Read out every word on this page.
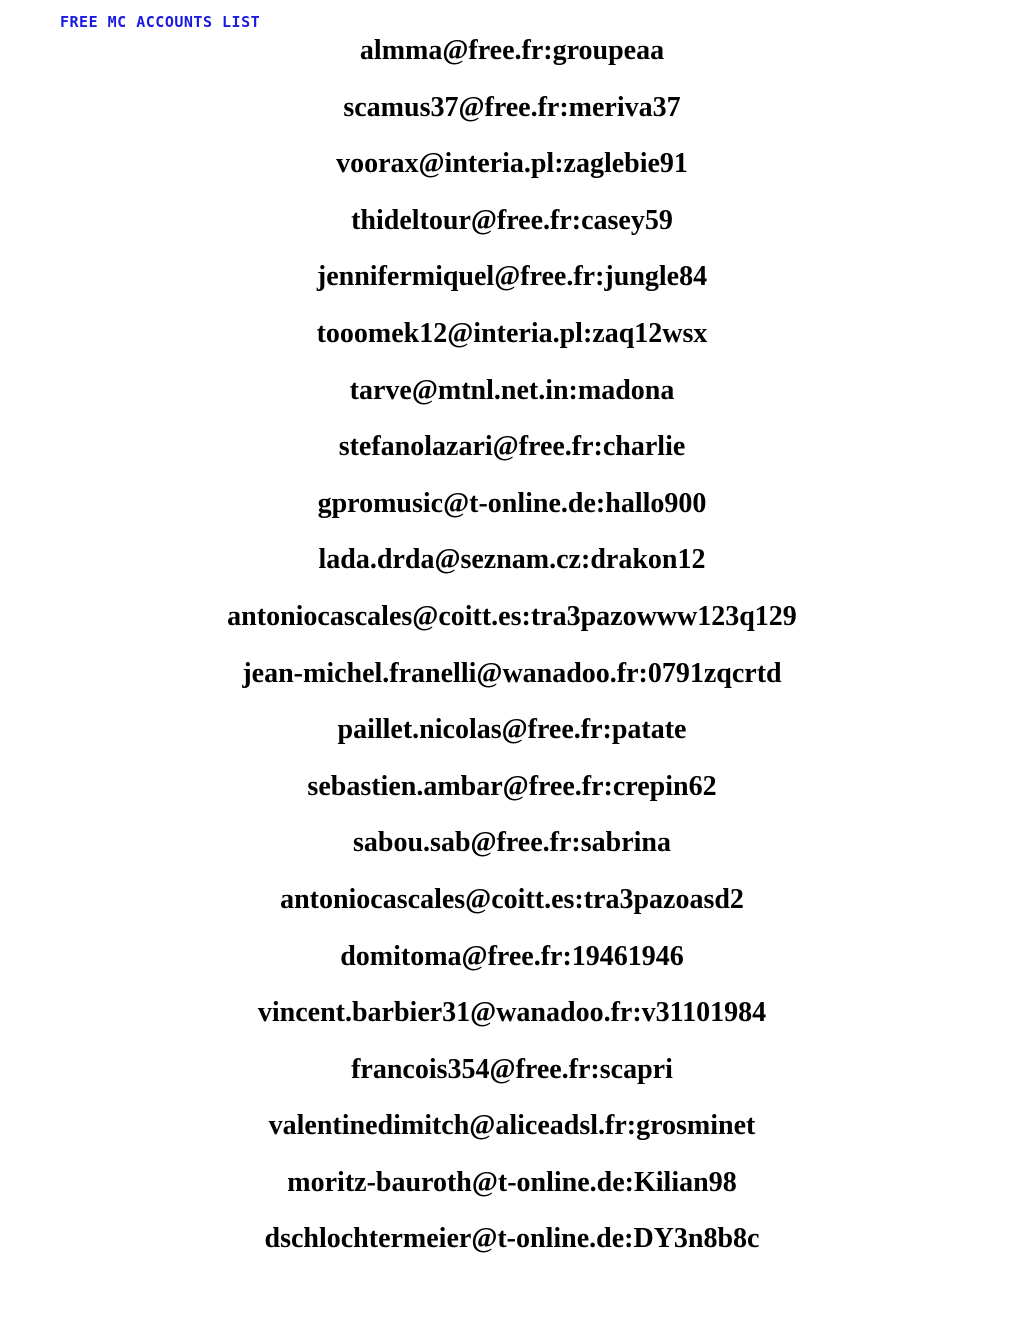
FREE MC ACCOUNTS LIST
almma@free.fr:groupeaa
scamus37@free.fr:meriva37
voorax@interia.pl:zaglebie91
thideltour@free.fr:casey59
jennifermiquel@free.fr:jungle84
tooomek12@interia.pl:zaq12wsx
tarve@mtnl.net.in:madona
stefanolazari@free.fr:charlie
gpromusic@t-online.de:hallo900
lada.drda@seznam.cz:drakon12
antoniocascales@coitt.es:tra3pazowww123q129
jean-michel.franelli@wanadoo.fr:0791zqcrtd
paillet.nicolas@free.fr:patate
sebastien.ambar@free.fr:crepin62
sabou.sab@free.fr:sabrina
antoniocascales@coitt.es:tra3pazoasd2
domitoma@free.fr:19461946
vincent.barbier31@wanadoo.fr:v31101984
francois354@free.fr:scapri
valentinedimitch@aliceadsl.fr:grosminet
moritz-bauroth@t-online.de:Kilian98
dschlochtermeier@t-online.de:DY3n8b8c
